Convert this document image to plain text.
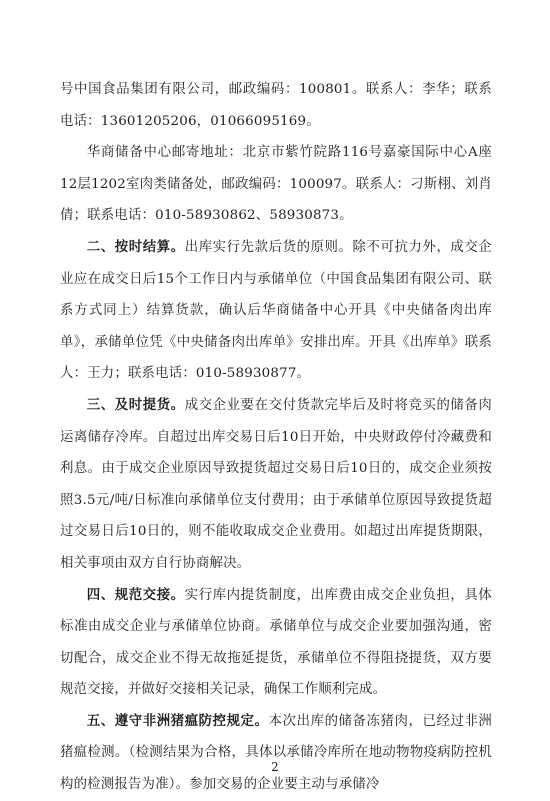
号中国食品集团有限公司，邮政编码：100801。联系人：李华；联系电话：13601205206，01066095169。

华商储备中心邮寄地址：北京市紫竹院路116号嘉豪国际中心A座12层1202室肉类储备处，邮政编码：100097。联系人：刁斯栩、刘肖倩；联系电话：010-58930862、58930873。

二、按时结算。出库实行先款后货的原则。除不可抗力外，成交企业应在成交日后15个工作日内与承储单位（中国食品集团有限公司、联系方式同上）结算货款，确认后华商储备中心开具《中央储备肉出库单》，承储单位凭《中央储备肉出库单》安排出库。开具《出库单》联系人：王力；联系电话：010-58930877。

三、及时提货。成交企业要在交付货款完毕后及时将竞买的储备肉运离储存冷库。自超过出库交易日后10日开始，中央财政停付冷藏费和利息。由于成交企业原因导致提货超过交易日后10日的，成交企业须按照3.5元/吨/日标准向承储单位支付费用；由于承储单位原因导致提货超过交易日后10日的，则不能收取成交企业费用。如超过出库提货期限，相关事项由双方自行协商解决。

四、规范交接。实行库内提货制度，出库费由成交企业负担，具体标准由成交企业与承储单位协商。承储单位与成交企业要加强沟通，密切配合，成交企业不得无故拖延提货，承储单位不得阻挠提货，双方要规范交接，并做好交接相关记录，确保工作顺利完成。

五、遵守非洲猪瘟防控规定。本次出库的储备冻猪肉，已经过非洲猪瘟检测。（检测结果为合格，具体以承储冷库所在地动物物疫病防控机构的检测报告为准）。参加交易的企业要主动与承储冷

2
